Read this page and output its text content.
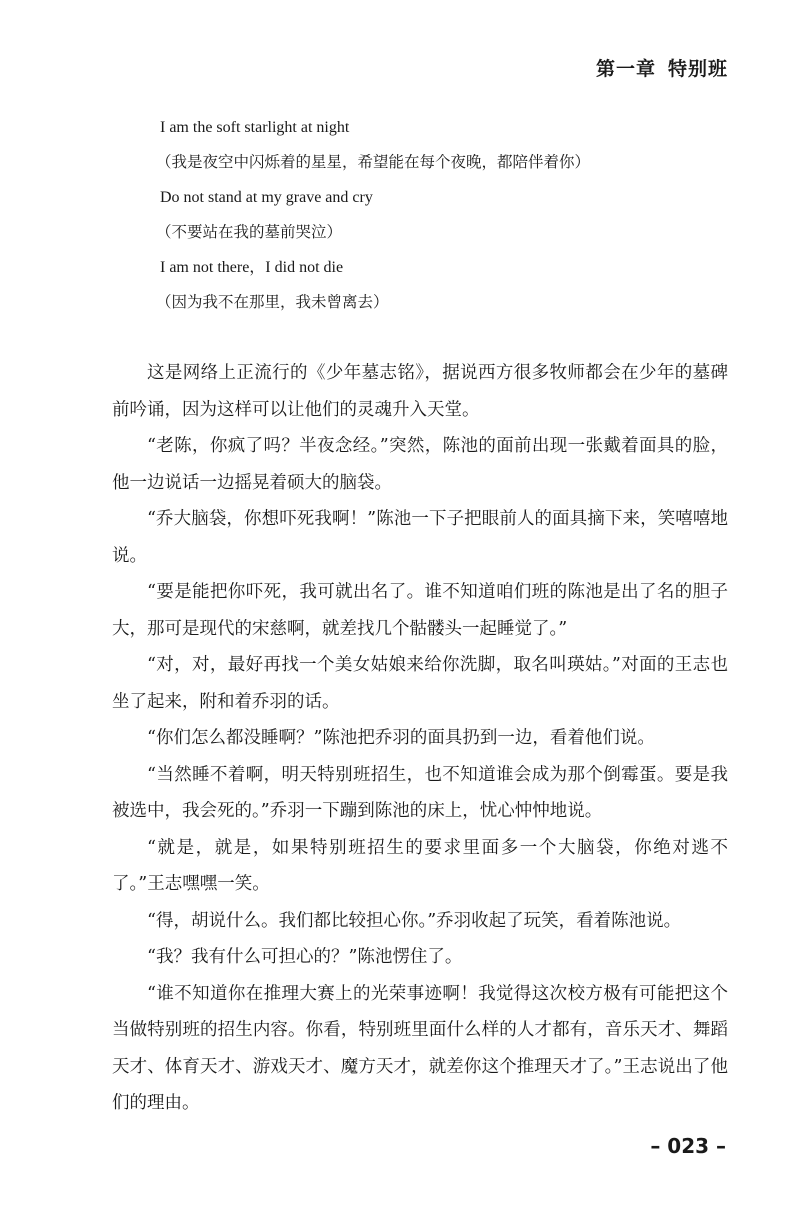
第一章 特别班
I am the soft starlight at night
（我是夜空中闪烁着的星星，希望能在每个夜晚，都陪伴着你）
Do not stand at my grave and cry
（不要站在我的墓前哭泣）
I am not there，I did not die
（因为我不在那里，我未曾离去）

这是网络上正流行的《少年墓志铭》，据说西方很多牧师都会在少年的墓碑前吟诵，因为这样可以让他们的灵魂升入天堂。

“老陈，你疯了吗？半夜念经。”突然，陈池的面前出现一张戴着面具的脸，他一边说话一边摇晃着硕大的脑袋。

“乔大脑袋，你想吓死我啊！”陈池一下子把眼前人的面具摘下来，笑嘻嘻地说。

“要是能把你吓死，我可就出名了。谁不知道咱们班的陈池是出了名的胆子大，那可是现代的宋慈啊，就差找几个骷髅头一起睡觉了。”

“对，对，最好再找一个美女姑娘来给你洗脚，取名叫瑛姑。”对面的王志也坐了起来，附和着乔羽的话。

“你们怎么都没睡啊？”陈池把乔羽的面具扔到一边，看着他们说。

“当然睡不着啊，明天特别班招生，也不知道谁会成为那个倒霉蛋。要是我被选中，我会死的。”乔羽一下蹦到陈池的床上，忧心忡忡地说。

“就是，就是，如果特别班招生的要求里面多一个大脑袋，你绝对逃不了。”王志嘿嘿一笑。

“得，胡说什么。我们都比较担心你。”乔羽收起了玩笑，看着陈池说。

“我？我有什么可担心的？”陈池愣住了。

“谁不知道你在推理大赛上的光荣事迹啊！我觉得这次校方极有可能把这个当做特别班的招生内容。你看，特别班里面什么样的人才都有，音乐天才、舞蹈天才、体育天才、游戏天才、魔方天才，就差你这个推理天才了。”王志说出了他们的理由。

– 023 –
